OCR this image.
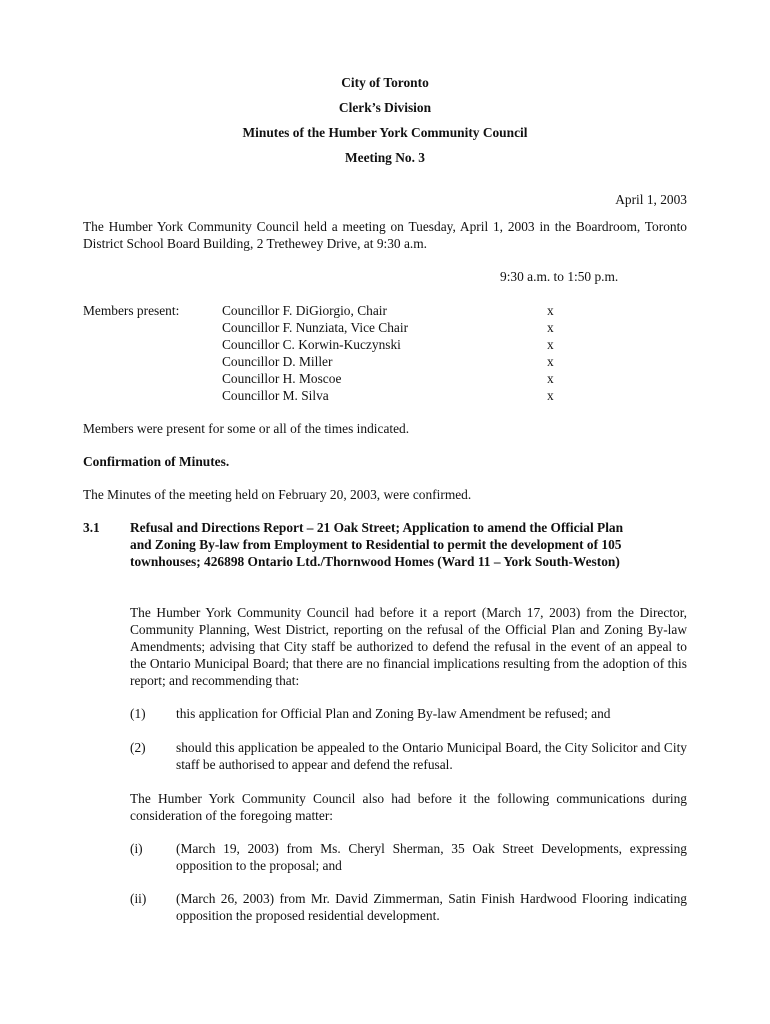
City of Toronto
Clerk’s Division
Minutes of the Humber York Community Council
Meeting No. 3
April 1, 2003
The Humber York Community Council held a meeting on Tuesday, April 1, 2003 in the Boardroom, Toronto District School Board Building, 2 Trethewey Drive, at 9:30 a.m.
9:30 a.m. to 1:50 p.m.
Members present:	Councillor F. DiGiorgio, Chair
Councillor F. Nunziata, Vice Chair
Councillor C. Korwin-Kuczynski
Councillor D. Miller
Councillor H. Moscoe
Councillor M. Silva
x
x
x
x
x
x
Members were present for some or all of the times indicated.
Confirmation of Minutes.
The Minutes of the meeting held on February 20, 2003, were confirmed.
3.1 Refusal and Directions Report – 21 Oak Street; Application to amend the Official Plan and Zoning By-law from Employment to Residential to permit the development of 105 townhouses; 426898 Ontario Ltd./Thornwood Homes (Ward 11 – York South-Weston)
The Humber York Community Council had before it a report (March 17, 2003) from the Director, Community Planning, West District, reporting on the refusal of the Official Plan and Zoning By-law Amendments; advising that City staff be authorized to defend the refusal in the event of an appeal to the Ontario Municipal Board; that there are no financial implications resulting from the adoption of this report; and recommending that:
(1) this application for Official Plan and Zoning By-law Amendment be refused; and
(2) should this application be appealed to the Ontario Municipal Board, the City Solicitor and City staff be authorised to appear and defend the refusal.
The Humber York Community Council also had before it the following communications during consideration of the foregoing matter:
(i) (March 19, 2003) from Ms. Cheryl Sherman, 35 Oak Street Developments, expressing opposition to the proposal; and
(ii) (March 26, 2003) from Mr. David Zimmerman, Satin Finish Hardwood Flooring indicating opposition the proposed residential development.
